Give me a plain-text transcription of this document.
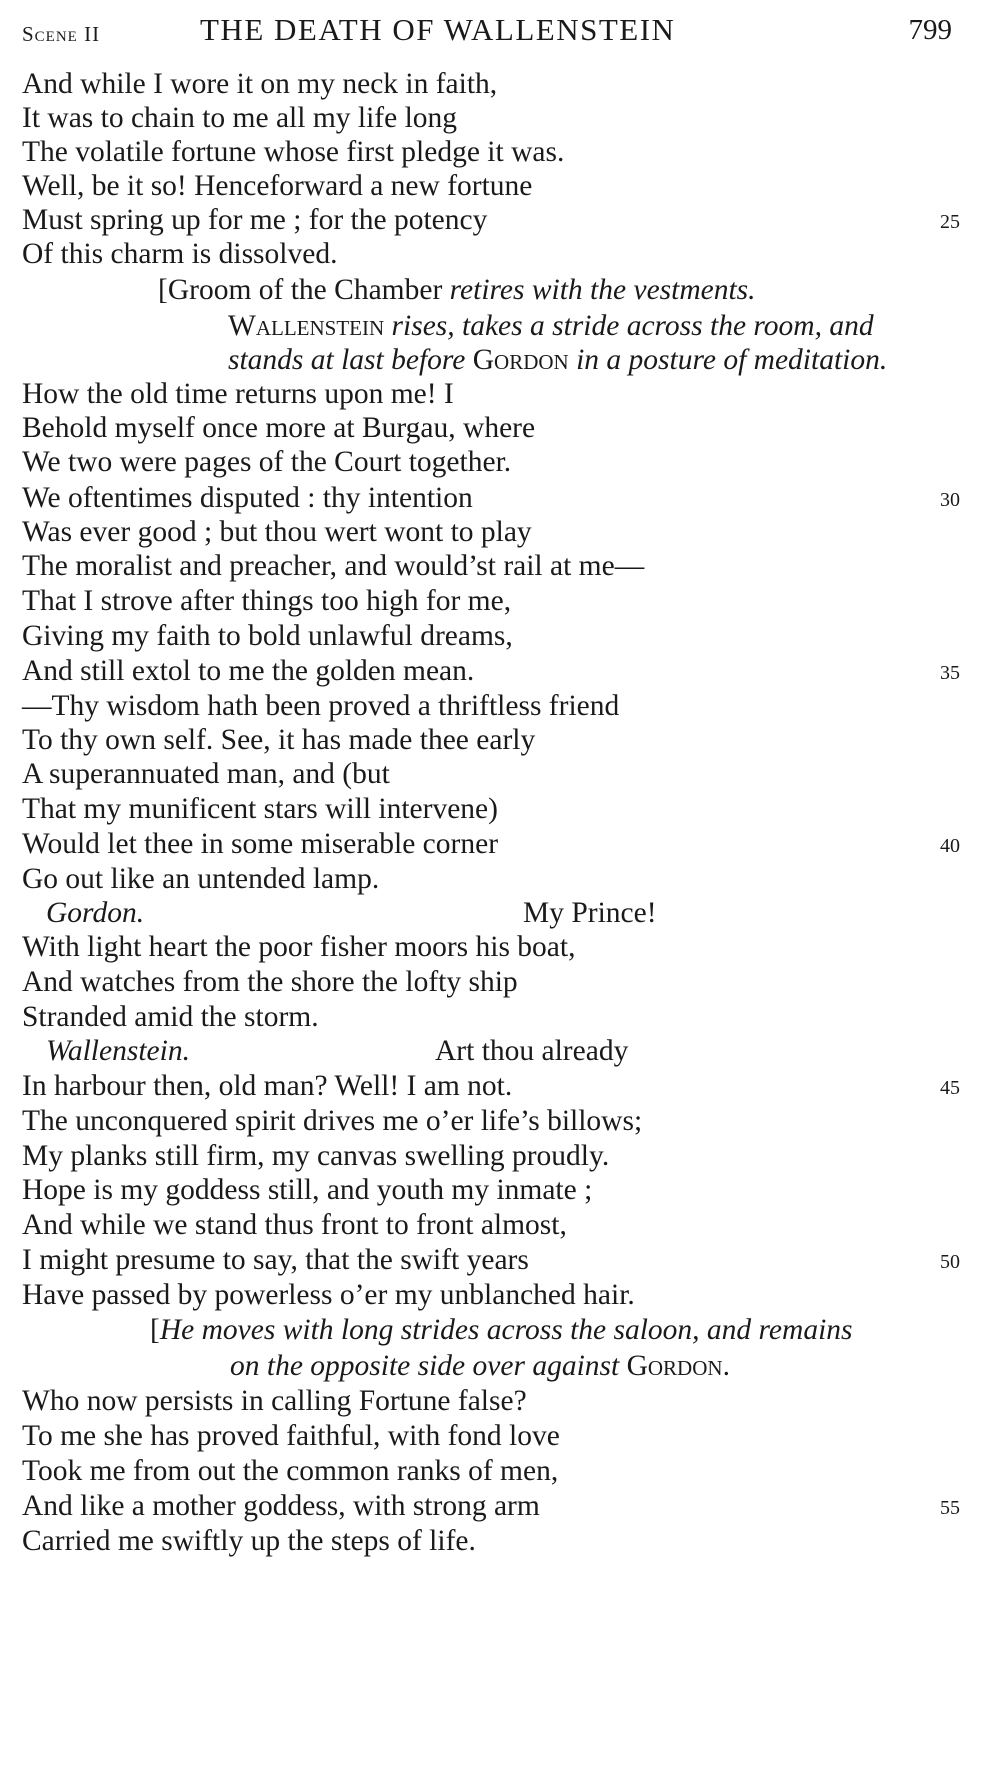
Scene II	THE DEATH OF WALLENSTEIN	799
And while I wore it on my neck in faith,
It was to chain to me all my life long
The volatile fortune whose first pledge it was.
Well, be it so! Henceforward a new fortune
Must spring up for me ; for the potency	25
Of this charm is dissolved.
[Groom of the Chamber retires with the vestments.
Wallenstein rises, takes a stride across the room, and
stands at last before Gordon in a posture of meditation.
How the old time returns upon me! I
Behold myself once more at Burgau, where
We two were pages of the Court together.
We oftentimes disputed : thy intention	30
Was ever good ; but thou wert wont to play
The moralist and preacher, and would’st rail at me—
That I strove after things too high for me,
Giving my faith to bold unlawful dreams,
And still extol to me the golden mean.	35
—Thy wisdom hath been proved a thriftless friend
To thy own self. See, it has made thee early
A superannuated man, and (but
That my munificent stars will intervene)
Would let thee in some miserable corner	40
Go out like an untended lamp.
Gordon.	My Prince!
With light heart the poor fisher moors his boat,
And watches from the shore the lofty ship
Stranded amid the storm.
Wallenstein.	Art thou already
In harbour then, old man? Well! I am not.	45
The unconquered spirit drives me o’er life’s billows;
My planks still firm, my canvas swelling proudly.
Hope is my goddess still, and youth my inmate ;
And while we stand thus front to front almost,
I might presume to say, that the swift years	50
Have passed by powerless o’er my unblanched hair.
[He moves with long strides across the saloon, and remains
on the opposite side over against Gordon.
Who now persists in calling Fortune false?
To me she has proved faithful, with fond love
Took me from out the common ranks of men,
And like a mother goddess, with strong arm	55
Carried me swiftly up the steps of life.
